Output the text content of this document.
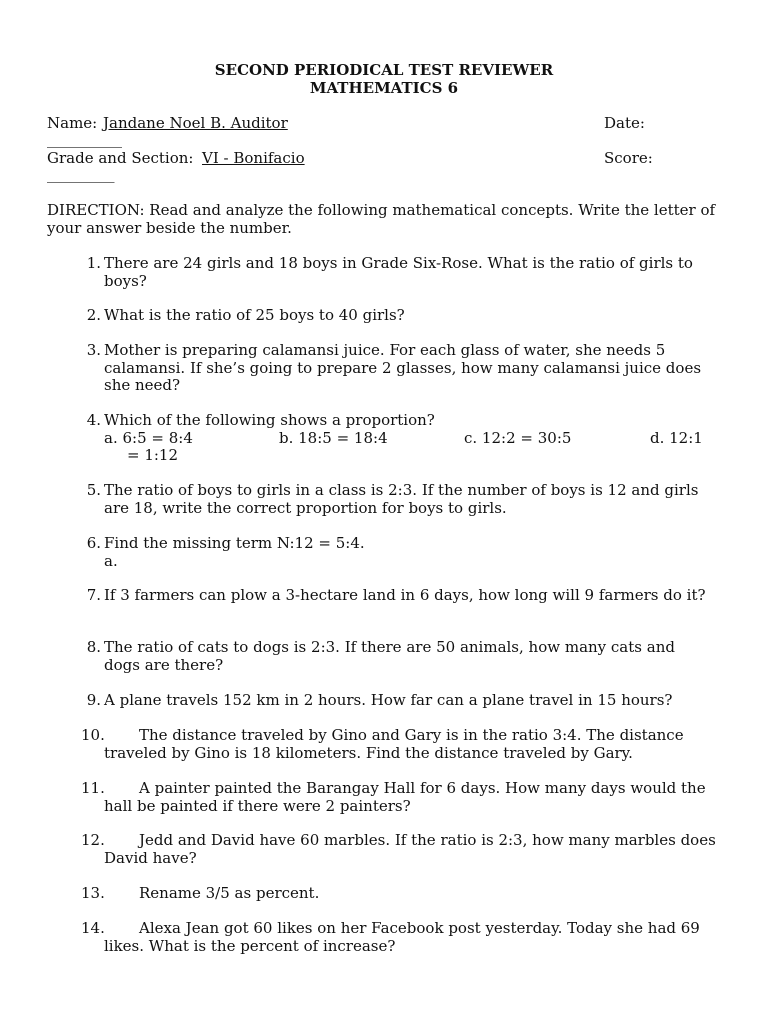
SECOND PERIODICAL TEST REVIEWER
MATHEMATICS 6
Name: Jandane Noel B. Auditor	Date:
__________
Grade and Section: VI - Bonifacio	Score:
_________
DIRECTION: Read and analyze the following mathematical concepts. Write the letter of your answer beside the number.
1. There are 24 girls and 18 boys in Grade Six-Rose. What is the ratio of girls to boys?
2. What is the ratio of 25 boys to 40 girls?
3. Mother is preparing calamansi juice. For each glass of water, she needs 5 calamansi. If she’s going to prepare 2 glasses, how many calamansi juice does she need?
4. Which of the following shows a proportion?
a. 6:5 = 8:4	b. 18:5 = 18:4	c. 12:2 = 30:5	d. 12:1
= 1:12
5. The ratio of boys to girls in a class is 2:3. If the number of boys is 12 and girls are 18, write the correct proportion for boys to girls.
6. Find the missing term N:12 = 5:4.
a.
7. If 3 farmers can plow a 3-hectare land in 6 days, how long will 9 farmers do it?
8. The ratio of cats to dogs is 2:3. If there are 50 animals, how many cats and dogs are there?
9. A plane travels 152 km in 2 hours. How far can a plane travel in 15 hours?
10.	The distance traveled by Gino and Gary is in the ratio 3:4. The distance traveled by Gino is 18 kilometers. Find the distance traveled by Gary.
11.	A painter painted the Barangay Hall for 6 days. How many days would the hall be painted if there were 2 painters?
12.	Jedd and David have 60 marbles. If the ratio is 2:3, how many marbles does David have?
13.	Rename 3/5 as percent.
14.	Alexa Jean got 60 likes on her Facebook post yesterday. Today she had 69 likes. What is the percent of increase?
